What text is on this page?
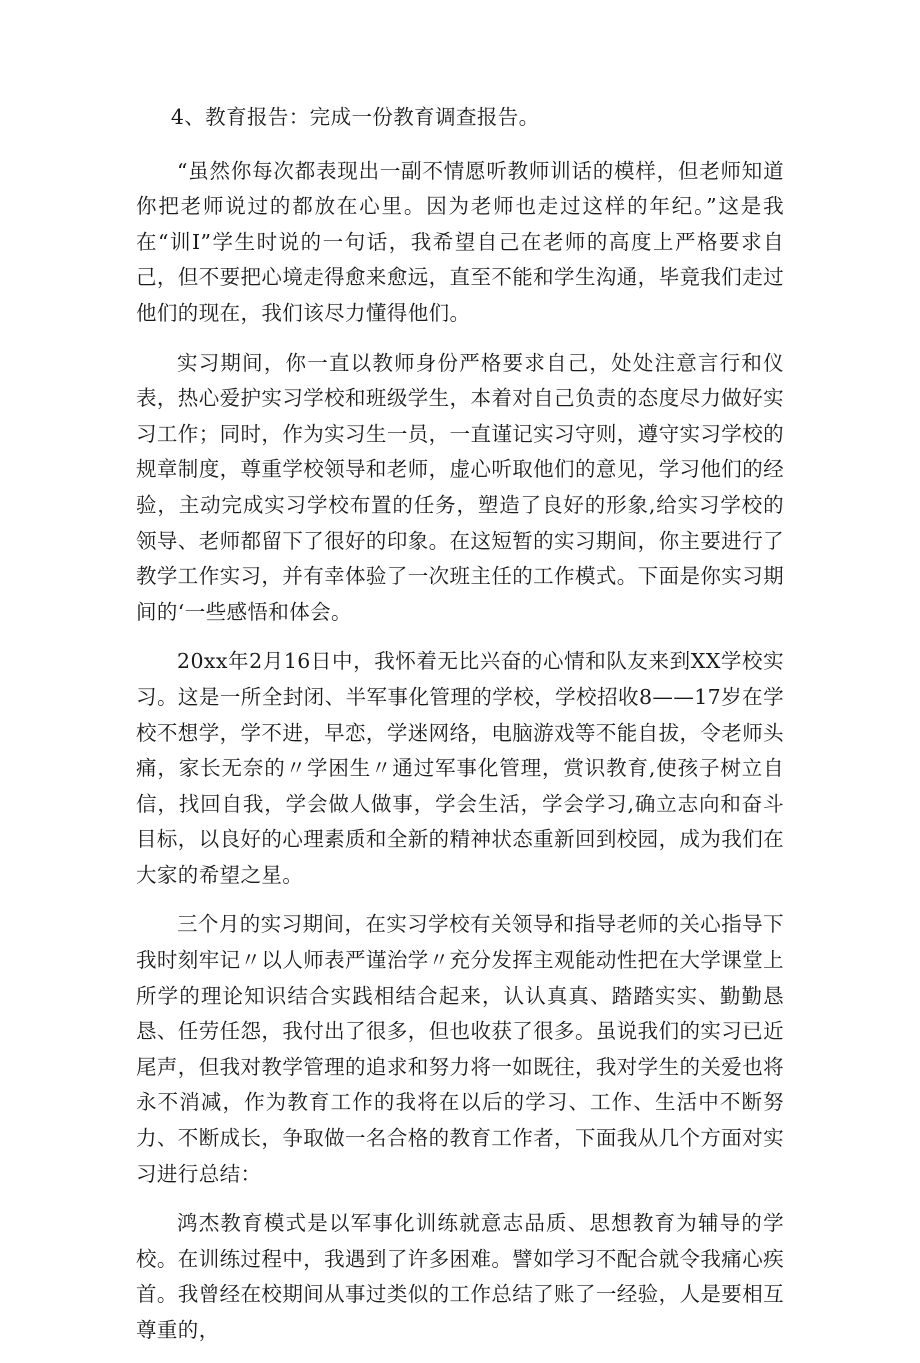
4、教育报告：完成一份教育调查报告。

“虽然你每次都表现出一副不情愿听教师训话的模样，但老师知道你把老师说过的都放在心里。因为老师也走过这样的年纪。”这是我在“训I”学生时说的一句话，我希望自己在老师的高度上严格要求自己，但不要把心境走得愈来愈远，直至不能和学生沟通，毕竟我们走过他们的现在，我们该尽力懂得他们。

实习期间，你一直以教师身份严格要求自己，处处注意言行和仪表，热心爱护实习学校和班级学生，本着对自己负责的态度尽力做好实习工作；同时，作为实习生一员，一直谨记实习守则，遵守实习学校的规章制度，尊重学校领导和老师，虚心听取他们的意见，学习他们的经验，主动完成实习学校布置的任务，塑造了良好的形象,给实习学校的领导、老师都留下了很好的印象。在这短暂的实习期间，你主要进行了教学工作实习，并有幸体验了一次班主任的工作模式。下面是你实习期间的‘一些感悟和体会。

20xx年2月16日中，我怀着无比兴奋的心情和队友来到XX学校实习。这是一所全封闭、半军事化管理的学校，学校招收8——17岁在学校不想学，学不进，早恋，学迷网络，电脑游戏等不能自拔，令老师头痛，家长无奈的〃学困生〃通过军事化管理，赏识教育,使孩子树立自信，找回自我，学会做人做事，学会生活，学会学习,确立志向和奋斗目标，以良好的心理素质和全新的精神状态重新回到校园，成为我们在大家的希望之星。

三个月的实习期间，在实习学校有关领导和指导老师的关心指导下我时刻牢记〃以人师表严谨治学〃充分发挥主观能动性把在大学课堂上所学的理论知识结合实践相结合起来，认认真真、踏踏实实、勤勤恳恳、任劳任怨，我付出了很多，但也收获了很多。虽说我们的实习已近尾声，但我对教学管理的追求和努力将一如既往，我对学生的关爱也将永不消减，作为教育工作的我将在以后的学习、工作、生活中不断努力、不断成长，争取做一名合格的教育工作者，下面我从几个方面对实习进行总结：

鸿杰教育模式是以军事化训练就意志品质、思想教育为辅导的学校。在训练过程中，我遇到了许多困难。譬如学习不配合就令我痛心疾首。我曾经在校期间从事过类似的工作总结了账了一经验，人是要相互尊重的，
